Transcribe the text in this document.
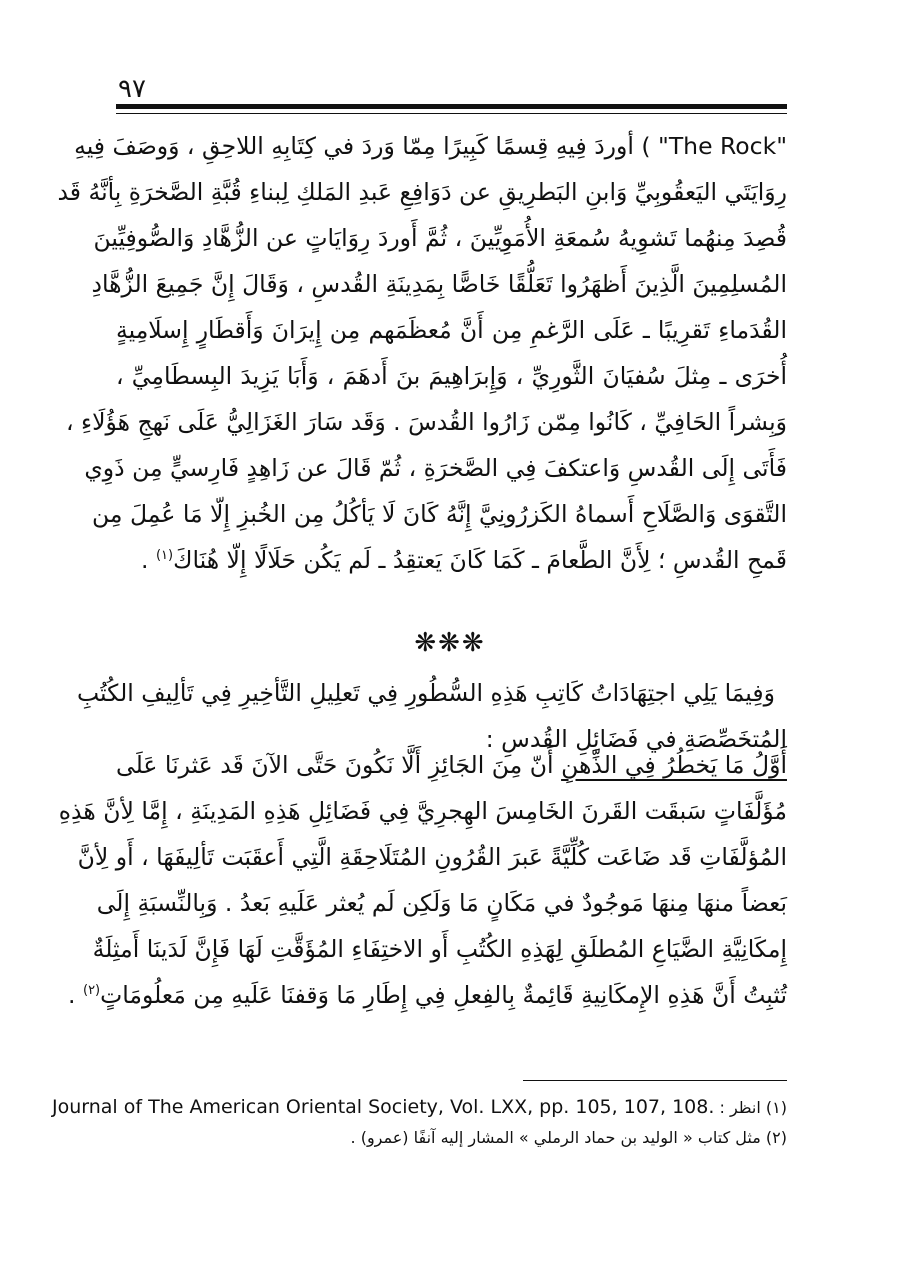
٩٧
"The Rock" ) أوردَ فِيهِ قِسمًا كَبِيرًا مِمّا وَردَ في كِتَابِهِ اللاحِقِ ، وَوصَفَ فِيهِ
رِوَايَتَي اليَعقُوبِيِّ وَابنِ البَطرِيقِ عن دَوَافِعِ عَبدِ المَلكِ لِبناءِ قُبَّةِ الصَّخرَةِ بِأنَّهُ قَد
قُصِدَ مِنهُما تَشوِيهُ سُمعَةِ الأُمَوِيِّينَ ، ثُمَّ أَوردَ رِوَايَاتٍ عن الزُّهَّادِ وَالصُّوفِيِّينَ
المُسلِمِينَ الَّذِينَ أَظهَرُوا تَعَلُّقًا خَاصًّا بِمَدِينَةِ القُدسِ ، وَقَالَ إِنَّ جَمِيعَ الزُّهَّادِ
القُدَماءِ تَقرِيبًا ـ عَلَى الرَّغمِ مِن أَنَّ مُعظَمَهم مِن إِيرَانَ وَأَقطَارٍ إِسلَامِيةٍ
أُخرَى ـ مِثلَ سُفيَانَ الثَّورِيِّ ، وَإِبرَاهِيمَ بنَ أَدهَمَ ، وَأَبَا يَزِيدَ البِسطَامِيِّ ،
وَبِشراً الحَافِيِّ ، كَانُوا مِمّن زَارُوا القُدسَ . وَقَد سَارَ الغَزَالِيُّ عَلَى نَهجِ هَؤُلَاءِ ،
فَأَتَى إِلَى القُدسِ وَاعتكفَ فِي الصَّخرَةِ ، ثُمّ قَالَ عن زَاهِدٍ فَارِسيٍّ مِن ذَوِي
التَّقوَى وَالصَّلَاحِ أَسماهُ الكَزرُونِيَّ إِنَّهُ كَانَ لَا يَأكُلُ مِن الخُبزِ إِلّا مَا عُمِلَ مِن
قَمحِ القُدسِ ؛ لِأَنَّ الطَّعامَ ـ كَمَا كَانَ يَعتقِدُ ـ لَم يَكُن حَلَالًا إِلّا هُنَاكَ$^{(١)}$ .
❋❋❋
وَفِيمَا يَلِي اجتِهَادَاتُ كَاتِبِ هَذِهِ السُّطُورِ فِي تَعلِيلِ التَّأخِيرِ فِي تَألِيفِ الكُتُبِ
المُتخَصِّصَةِ في فَضَائِلِ القُدسِ :
أَوَّلُ مَا يَخطُرُ فِي الذِّهنِ أَنّ مِنَ الجَائِزِ أَلَّا نَكُونَ حَتَّى الآنَ قَد عَثرنَا عَلَى
مُؤَلَّفَاتٍ سَبقَت القَرنَ الخَامِسَ الهِجرِيَّ فِي فَضَائِلِ هَذِهِ المَدِينَةِ ، إِمَّا لِأنَّ هَذِهِ
المُؤلَّفَاتِ قَد ضَاعَت كُلِّيَّةً عَبرَ القُرُونِ المُتَلَاحِقَةِ الَّتِي أَعقَبَت تَألِيفَهَا ، أَو لِأنَّ
بَعضاً منهَا مِنهَا مَوجُودٌ في مَكَانٍ مَا وَلَكِن لَم يُعثر عَلَيهِ بَعدُ . وَبِالنِّسبَةِ إِلَى
إِمكَانِيَّةِ الضَّيَاعِ المُطلَقِ لِهَذِهِ الكُتُبِ أَو الاختِفَاءِ المُؤَقَّتِ لَهَا فَإِنَّ لَدَينَا أَمثِلَةٌ
تُثبِتُ أَنَّ هَذِهِ الإِمكَانِيةِ قَائِمةٌ بِالفِعلِ فِي إِطَارِ مَا وَقفنَا عَلَيهِ مِن مَعلُومَاتٍ$^{(٢)}$ .
(١) انظر : Journal of The American Oriental Society, Vol. LXX, pp. 105, 107, 108.
(٢) مثل كتاب « الوليد بن حماد الرملي » المشار إليه آنفًا (عمرو) .
